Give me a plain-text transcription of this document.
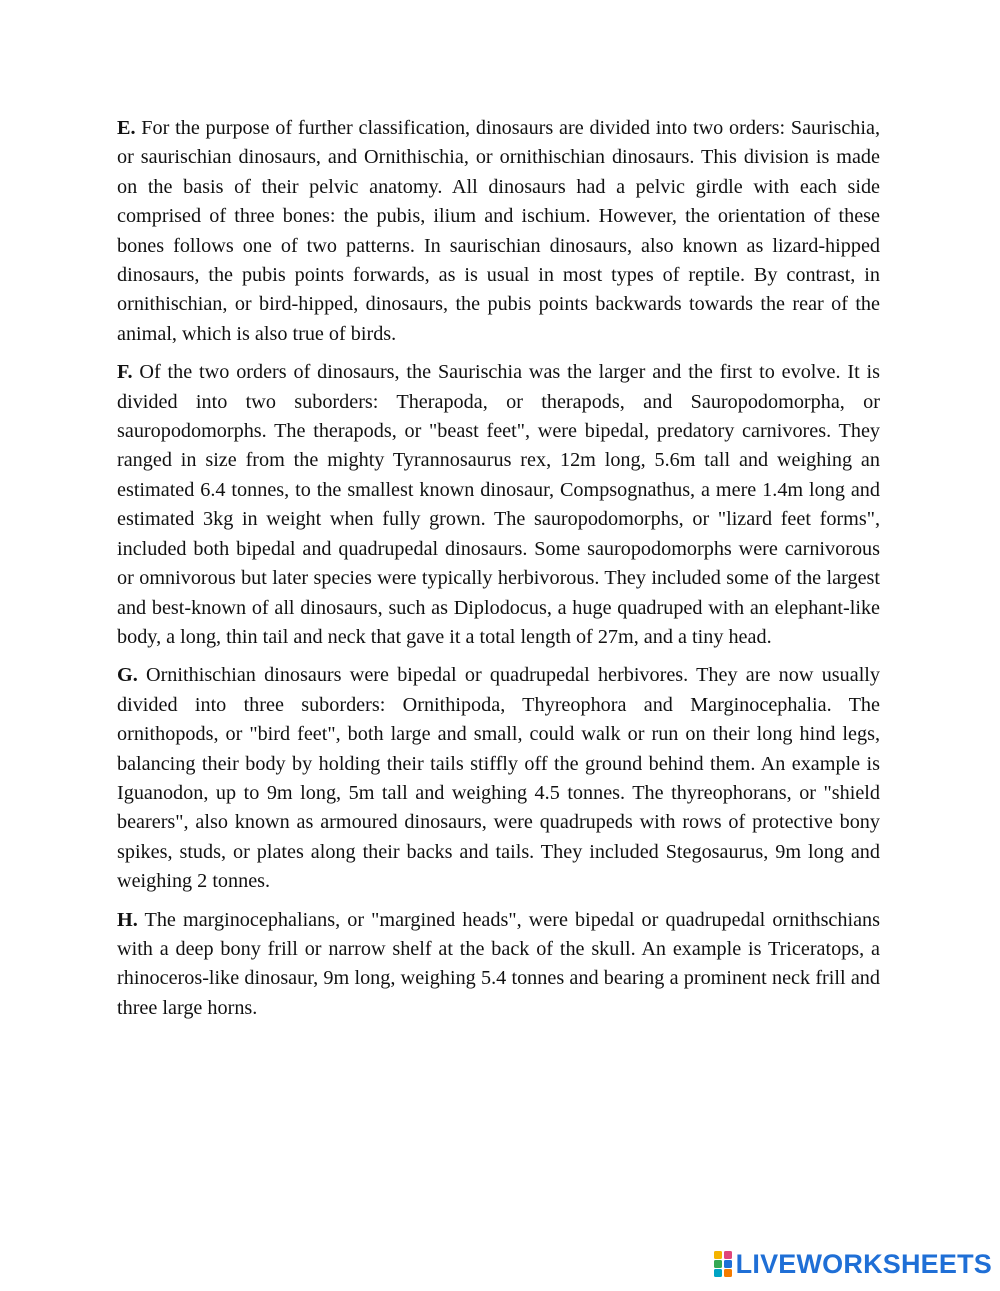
E. For the purpose of further classification, dinosaurs are divided into two orders: Saurischia, or saurischian dinosaurs, and Ornithischia, or ornithischian dinosaurs. This division is made on the basis of their pelvic anatomy. All dinosaurs had a pelvic girdle with each side comprised of three bones: the pubis, ilium and ischium. However, the orientation of these bones follows one of two patterns. In saurischian dinosaurs, also known as lizard-hipped dinosaurs, the pubis points forwards, as is usual in most types of reptile. By contrast, in ornithischian, or bird-hipped, dinosaurs, the pubis points backwards towards the rear of the animal, which is also true of birds.

F. Of the two orders of dinosaurs, the Saurischia was the larger and the first to evolve. It is divided into two suborders: Therapoda, or therapods, and Sauropodomorpha, or sauropodomorphs. The therapods, or "beast feet", were bipedal, predatory carnivores. They ranged in size from the mighty Tyrannosaurus rex, 12m long, 5.6m tall and weighing an estimated 6.4 tonnes, to the smallest known dinosaur, Compsognathus, a mere 1.4m long and estimated 3kg in weight when fully grown. The sauropodomorphs, or "lizard feet forms", included both bipedal and quadrupedal dinosaurs. Some sauropodomorphs were carnivorous or omnivorous but later species were typically herbivorous. They included some of the largest and best-known of all dinosaurs, such as Diplodocus, a huge quadruped with an elephant-like body, a long, thin tail and neck that gave it a total length of 27m, and a tiny head.

G. Ornithischian dinosaurs were bipedal or quadrupedal herbivores. They are now usually divided into three suborders: Ornithipoda, Thyreophora and Marginocephalia. The ornithopods, or "bird feet", both large and small, could walk or run on their long hind legs, balancing their body by holding their tails stiffly off the ground behind them. An example is Iguanodon, up to 9m long, 5m tall and weighing 4.5 tonnes. The thyreophorans, or "shield bearers", also known as armoured dinosaurs, were quadrupeds with rows of protective bony spikes, studs, or plates along their backs and tails. They included Stegosaurus, 9m long and weighing 2 tonnes.

H. The marginocephalians, or "margined heads", were bipedal or quadrupedal ornithschians with a deep bony frill or narrow shelf at the back of the skull. An example is Triceratops, a rhinoceros-like dinosaur, 9m long, weighing 5.4 tonnes and bearing a prominent neck frill and three large horns.

LIVEWORKSHEETS
